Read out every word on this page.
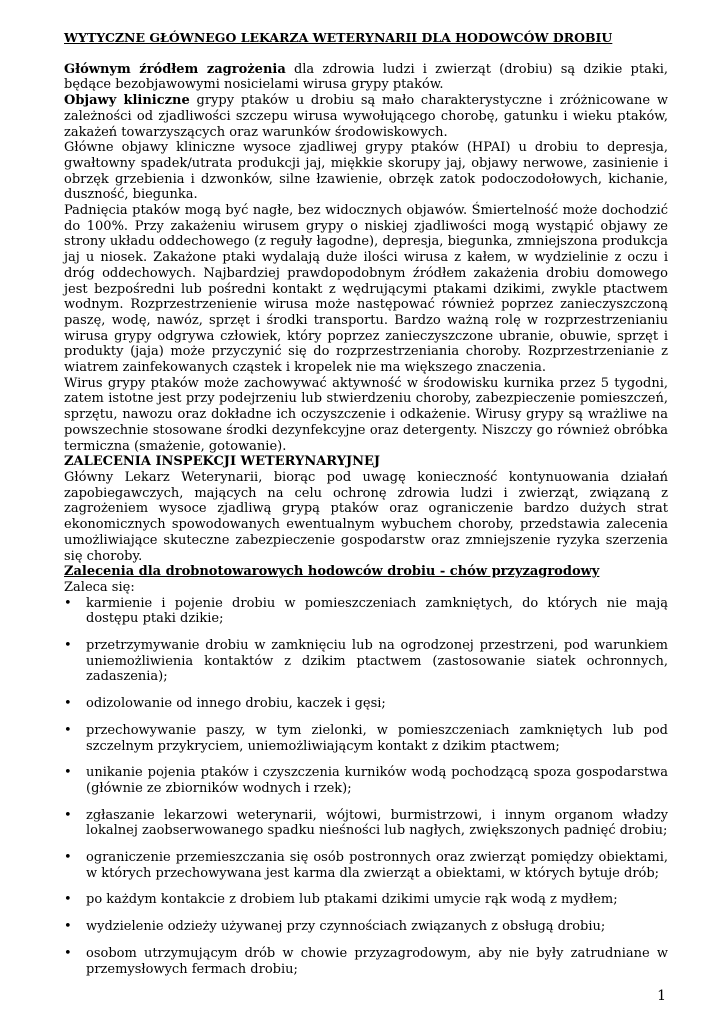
WYTYCZNE GŁÓWNEGO LEKARZA WETERYNARII DLA HODOWCÓW DROBIU

Głównym źródłem zagrożenia dla zdrowia ludzi i zwierząt (drobiu) są dzikie ptaki, będące bezobjawowymi nosicielami wirusa grypy ptaków.

Objawy kliniczne grypy ptaków u drobiu są mało charakterystyczne i zróżnicowane w zależności od zjadliwości szczepu wirusa wywołującego chorobę, gatunku i wieku ptaków, zakażeń towarzyszących oraz warunków środowiskowych.

Główne objawy kliniczne wysoce zjadliwej grypy ptaków (HPAI) u drobiu to depresja, gwałtowny spadek/utrata produkcji jaj, miękkie skorupy jaj, objawy nerwowe, zasinienie i obrzęk grzebienia i dzwonków, silne łzawienie, obrzęk zatok podoczodołowych, kichanie, duszność, biegunka.

Padnięcia ptaków mogą być nagłe, bez widocznych objawów. Śmiertelność może dochodzić do 100%. Przy zakażeniu wirusem grypy o niskiej zjadliwości mogą wystąpić objawy ze strony układu oddechowego (z reguły łagodne), depresja, biegunka, zmniejszona produkcja jaj u niosek. Zakażone ptaki wydalają duże ilości wirusa z kałem, w wydzielinie z oczu i dróg oddechowych. Najbardziej prawdopodobnym źródłem zakażenia drobiu domowego jest bezpośredni lub pośredni kontakt z wędrującymi ptakami dzikimi, zwykle ptactwem wodnym. Rozprzestrzenienie wirusa może następować również poprzez zanieczyszczoną paszę, wodę, nawóz, sprzęt i środki transportu. Bardzo ważną rolę w rozprzestrzenianiu wirusa grypy odgrywa człowiek, który poprzez zanieczyszczone ubranie, obuwie, sprzęt i produkty (jaja) może przyczynić się do rozprzestrzeniania choroby. Rozprzestrzenianie z wiatrem zainfekowanych cząstek i kropelek nie ma większego znaczenia.

Wirus grypy ptaków może zachowywać aktywność w środowisku kurnika przez 5 tygodni, zatem istotne jest przy podejrzeniu lub stwierdzeniu choroby, zabezpieczenie pomieszczeń, sprzętu, nawozu oraz dokładne ich oczyszczenie i odkażenie. Wirusy grypy są wrażliwe na powszechnie stosowane środki dezynfekcyjne oraz detergenty. Niszczy go również obróbka termiczna (smażenie, gotowanie).

ZALECENIA INSPEKCJI WETERYNARYJNEJ

Główny Lekarz Weterynarii, biorąc pod uwagę konieczność kontynuowania działań zapobiegawczych, mających na celu ochronę zdrowia ludzi i zwierząt, związaną z zagrożeniem wysoce zjadliwą grypą ptaków oraz ograniczenie bardzo dużych strat ekonomicznych spowodowanych ewentualnym wybuchem choroby, przedstawia zalecenia umożliwiające skuteczne zabezpieczenie gospodarstw oraz zmniejszenie ryzyka szerzenia się choroby.

Zalecenia dla drobnotowarowych hodowców drobiu - chów przyzagrodowy
Zaleca się:
• karmienie i pojenie drobiu w pomieszczeniach zamkniętych, do których nie mają dostępu ptaki dzikie;
• przetrzymywanie drobiu w zamknięciu lub na ogrodzonej przestrzeni, pod warunkiem uniemożliwienia kontaktów z dzikim ptactwem (zastosowanie siatek ochronnych, zadaszenia);
• odizolowanie od innego drobiu, kaczek i gęsi;
• przechowywanie paszy, w tym zielonki, w pomieszczeniach zamkniętych lub pod szczelnym przykryciem, uniemożliwiającym kontakt z dzikim ptactwem;
• unikanie pojenia ptaków i czyszczenia kurników wodą pochodzącą spoza gospodarstwa (głównie ze zbiorników wodnych i rzek);
• zgłaszanie lekarzowi weterynarii, wójtowi, burmistrzowi, i innym organom władzy lokalnej zaobserwowanego spadku nieśności lub nagłych, zwiększonych padnięć drobiu;
• ograniczenie przemieszczania się osób postronnych oraz zwierząt pomiędzy obiektami, w których przechowywana jest karma dla zwierząt a obiektami, w których bytuje drób;
• po każdym kontakcie z drobiem lub ptakami dzikimi umycie rąk wodą z mydłem;
• wydzielenie odzieży używanej przy czynnościach związanych z obsługą drobiu;
• osobom utrzymującym drób w chowie przyzagrodowym, aby nie były zatrudniane w przemysłowych fermach drobiu;
1
